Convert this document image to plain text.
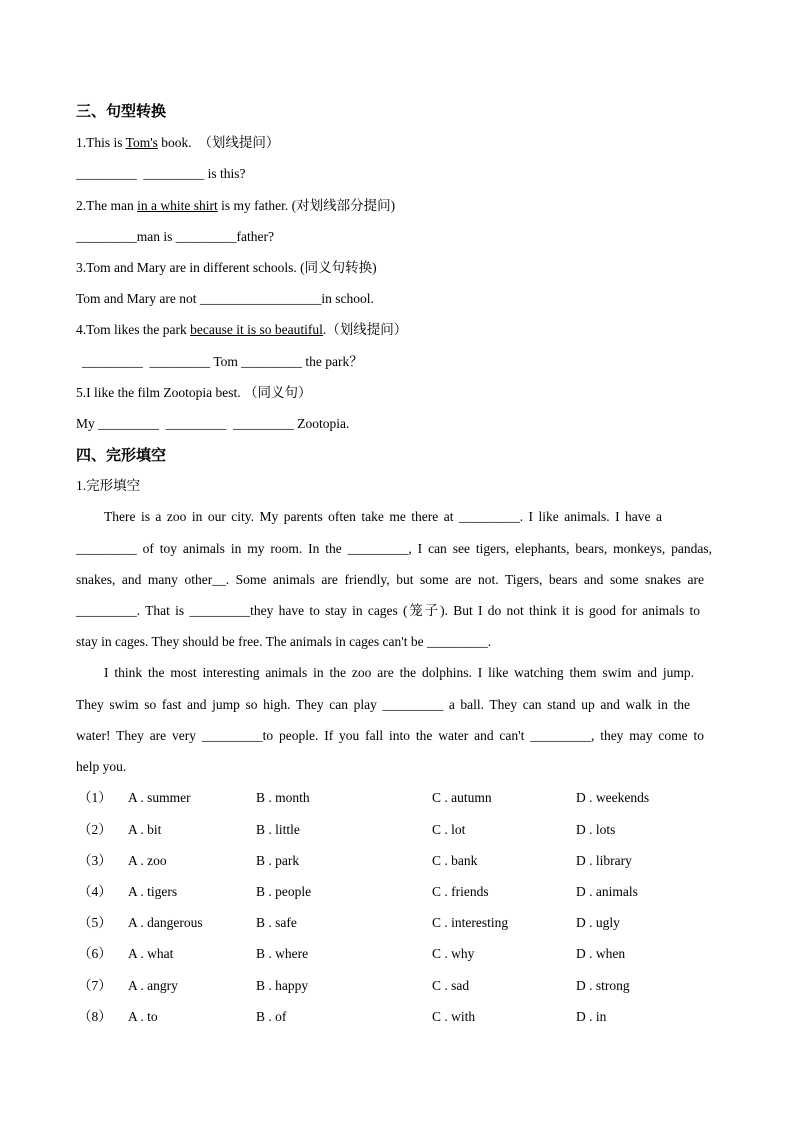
三、句型转换
1.This is Tom's book.  （划线提问）
_________  _________ is this?
2.The man in a white shirt is my father. (对划线部分提问)
_________man is _________father?
3.Tom and Mary are in different schools. (同义句转换)
Tom and Mary are not __________________in school.
4.Tom likes the park because it is so beautiful.（划线提问）
_________  _________ Tom _________ the park？
5.I like the film Zootopia best. （同义句）
My _________  _________  _________ Zootopia.
四、完形填空
1.完形填空
There is a zoo in our city. My parents often take me there at _________. I like animals. I have a
_________ of toy animals in my room. In the _________, I can see tigers, elephants, bears, monkeys, pandas,
snakes, and many other__. Some animals are friendly, but some are not. Tigers, bears and some snakes are
_________. That is _________they have to stay in cages (笼子). But I do not think it is good for animals to
stay in cages. They should be free. The animals in cages can't be _________.
I think the most interesting animals in the zoo are the dolphins. I like watching them swim and jump.
They swim so fast and jump so high. They can play _________ a ball. They can stand up and walk in the
water! They are very _________to people. If you fall into the water and can't _________, they may come to
help you.
（1） A . summer	B . month	C . autumn	D . weekends
（2） A . bit	B . little	C . lot	D . lots
（3） A . zoo	B . park	C . bank	D . library
（4） A . tigers	B . people	C . friends	D . animals
（5） A . dangerous	B . safe	C . interesting	D . ugly
（6） A . what	B . where	C . why	D . when
（7） A . angry	B . happy	C . sad	D . strong
（8） A . to	B . of	C . with	D . in
